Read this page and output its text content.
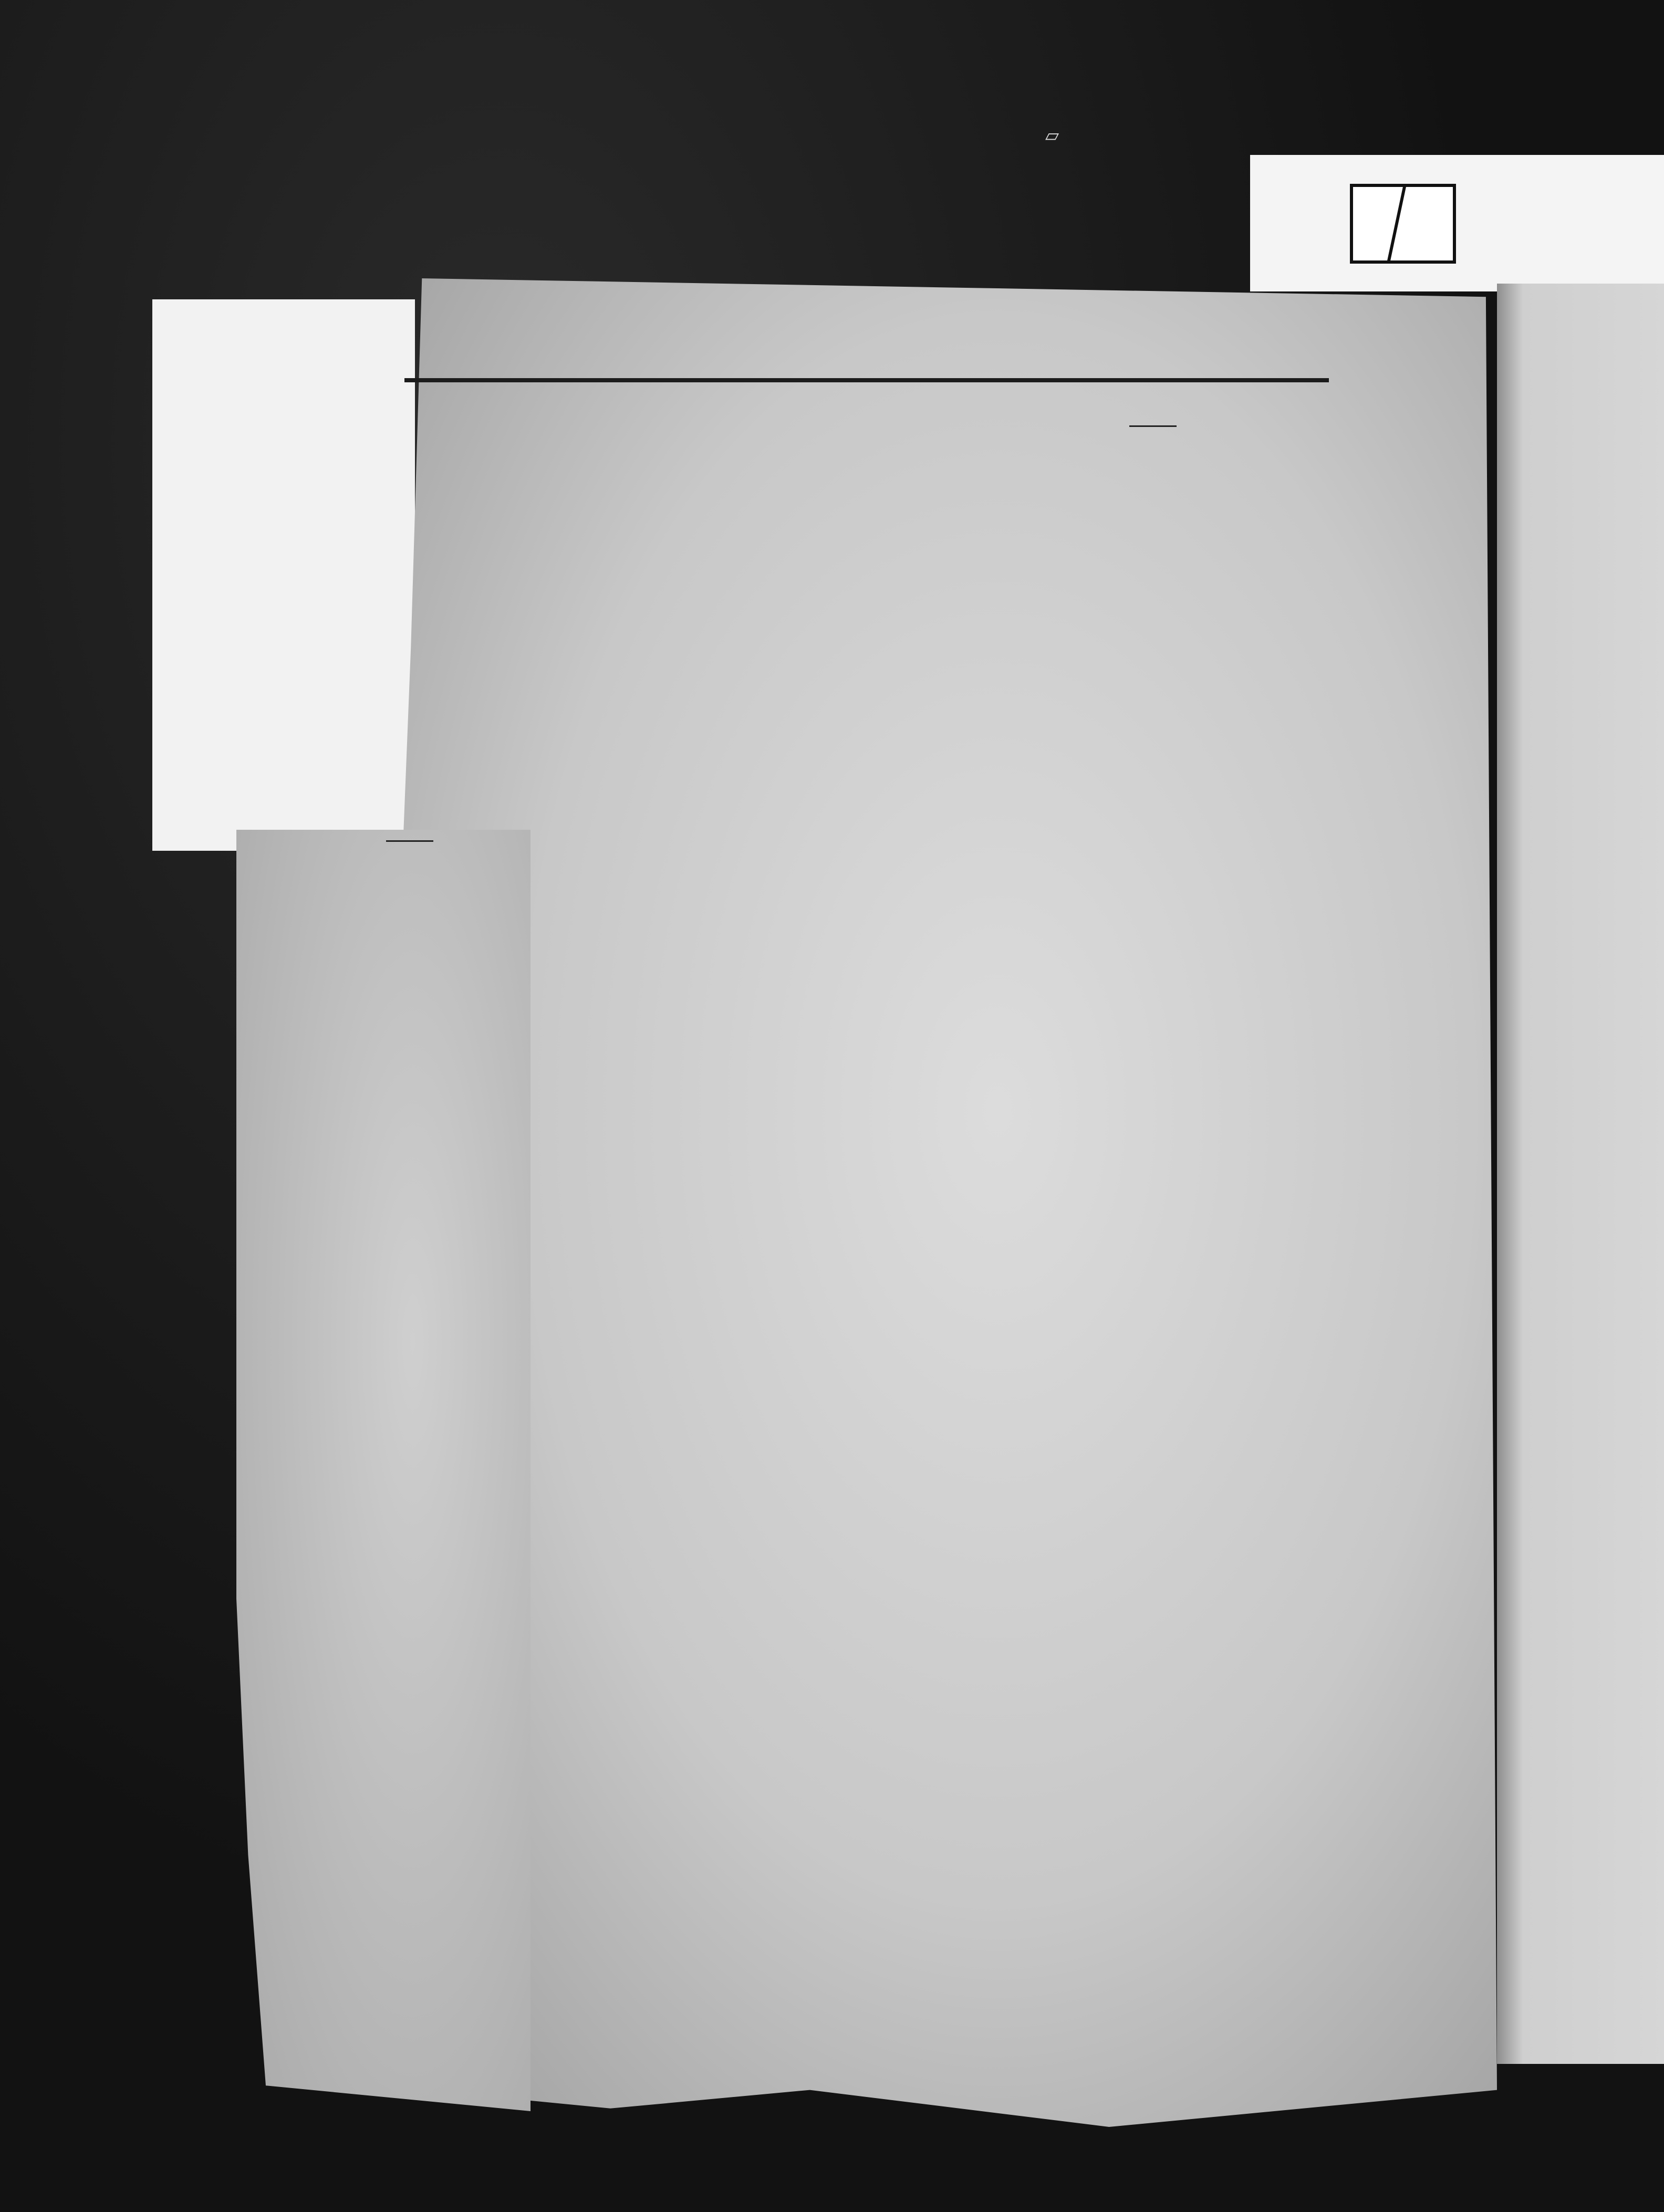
▱
